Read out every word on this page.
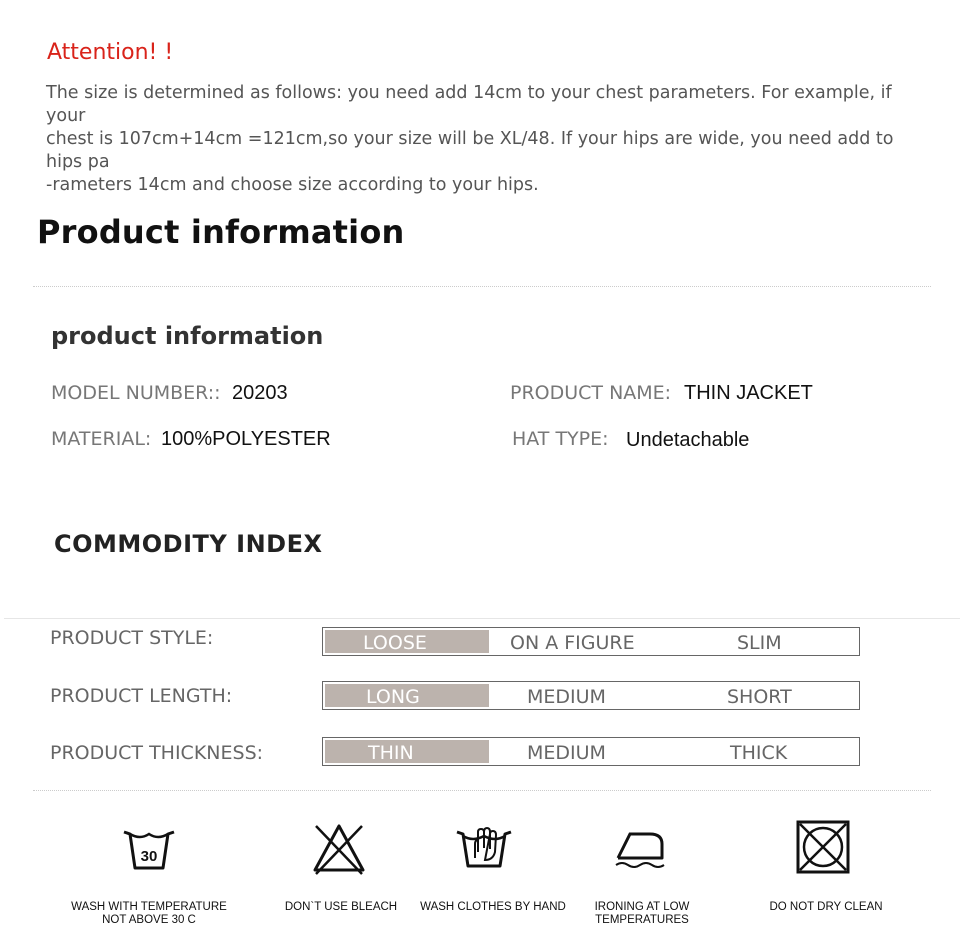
Attention! !
The size is determined as follows: you need add 14cm to your chest parameters. For example, if your
chest is 107cm+14cm =121cm,so your size will be XL/48. If your hips are wide, you need add to hips pa
-rameters 14cm and choose size according to your hips.
Product information
product information
MODEL NUMBER:: 20203	PRODUCT NAME: THIN JACKET
MATERIAL: 100%POLYESTER	HAT TYPE: Undetachable
COMMODITY INDEX
PRODUCT STYLE:	LOOSE	ON A FIGURE	SLIM
PRODUCT LENGTH:	LONG	MEDIUM	SHORT
PRODUCT THICKNESS:	THIN	MEDIUM	THICK
30
WASH WITH TEMPERATURE
NOT ABOVE 30 C
DON`T USE BLEACH	WASH CLOTHES BY HAND	IRONING AT LOW
TEMPERATURES
DO NOT DRY CLEAN
